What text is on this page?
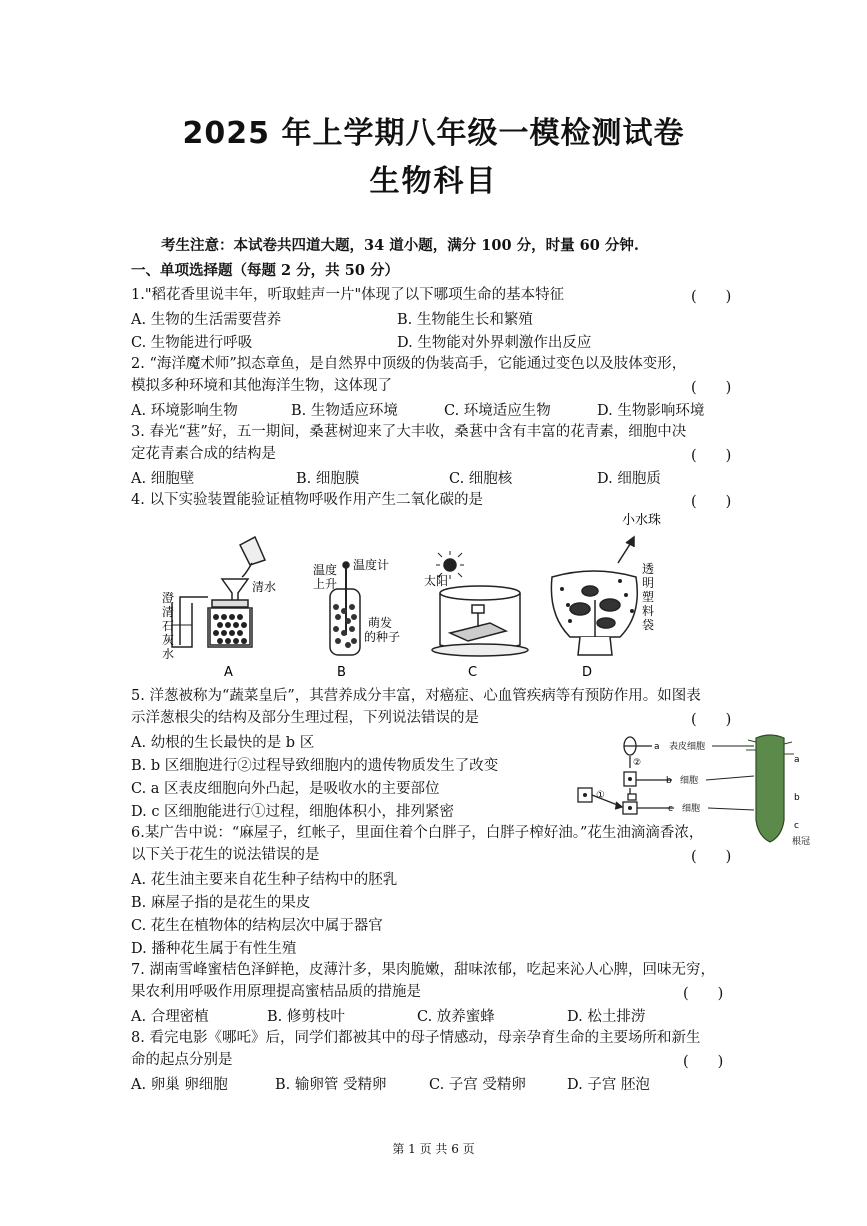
2025 年上学期八年级一模检测试卷
生物科目
考生注意：本试卷共四道大题，34 道小题，满分 100 分，时量 60 分钟.
一、单项选择题（每题 2 分，共 50 分）
1."稻花香里说丰年，听取蛙声一片"体现了以下哪项生命的基本特征	(　　)
A. 生物的生活需要营养	B. 生物能生长和繁殖
C. 生物能进行呼吸	D. 生物能对外界刺激作出反应
2. “海洋魔术师”拟态章鱼，是自然界中顶级的伪装高手，它能通过变色以及肢体变形，
模拟多种环境和其他海洋生物，这体现了	(　　)
A. 环境影响生物	B. 生物适应环境	C. 环境适应生物	D. 生物影响环境
3. 春光“葚”好，五一期间，桑葚树迎来了大丰收，桑葚中含有丰富的花青素，细胞中决
定花青素合成的结构是	(　　)
A. 细胞壁	B. 细胞膜	C. 细胞核	D. 细胞质
4. 以下实验装置能验证植物呼吸作用产生二氧化碳的是	(　　)
小水珠
清水
澄
清
石
灰
水
温度
上升
温度计
萌发
的种子
太阳
透
明
塑
料
袋
A	B	C	D
5. 洋葱被称为“蔬菜皇后”，其营养成分丰富，对癌症、心血管疾病等有预防作用。如图表
示洋葱根尖的结构及部分生理过程，下列说法错误的是	(　　)
A. 幼根的生长最快的是 b 区
B. b 区细胞进行②过程导致细胞内的遗传物质发生了改变
C. a 区表皮细胞向外凸起，是吸收水的主要部位
D. c 区细胞能进行①过程，细胞体积小，排列紧密
②
①
a 表皮细胞
b 细胞
c 细胞
a
b
c
根冠
6.某广告中说：“麻屋子，红帐子，里面住着个白胖子，白胖子榨好油。”花生油滴滴香浓，
以下关于花生的说法错误的是	(　　)
A. 花生油主要来自花生种子结构中的胚乳
B. 麻屋子指的是花生的果皮
C. 花生在植物体的结构层次中属于器官
D. 播种花生属于有性生殖
7. 湖南雪峰蜜桔色泽鲜艳，皮薄汁多，果肉脆嫩，甜味浓郁，吃起来沁人心脾，回味无穷，
果农利用呼吸作用原理提高蜜桔品质的措施是	(　　)
A. 合理密植	B. 修剪枝叶	C. 放养蜜蜂	D. 松土排涝
8. 看完电影《哪吒》后，同学们都被其中的母子情感动，母亲孕育生命的主要场所和新生
命的起点分别是	(　　)
A. 卵巢 卵细胞	B. 输卵管 受精卵	C. 子宫 受精卵	D. 子宫 胚泡
第 1 页 共 6 页
